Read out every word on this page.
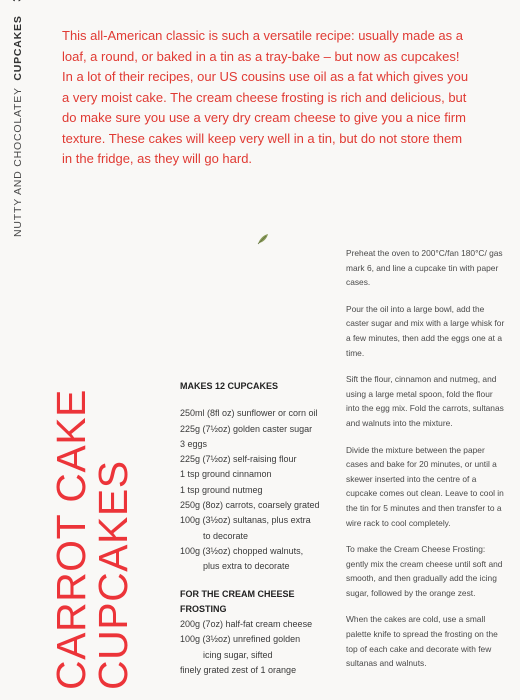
NUTTY AND CHOCOLATEY CUPCAKES	This all-American classic is such a versatile recipe: usually made as a loaf, a round, or baked in a tin as a tray-bake – but now as cupcakes! In a lot of their recipes, our US cousins use oil as a fat which gives you a very moist cake. The cream cheese frosting is rich and delicious, but do make sure you use a very dry cream cheese to give you a nice firm texture. These cakes will keep very well in a tin, but do not store them in the fridge, as they will go hard.
CARROT CAKE
CUPCAKES
MAKES 12 CUPCAKES
250ml (8fl oz) sunflower or corn oil
225g (7½oz) golden caster sugar
3 eggs
225g (7½oz) self-raising flour
1 tsp ground cinnamon
1 tsp ground nutmeg
250g (8oz) carrots, coarsely grated
100g (3½oz) sultanas, plus extra
to decorate
100g (3½oz) chopped walnuts,
plus extra to decorate
FOR THE CREAM CHEESE
FROSTING
200g (7oz) half-fat cream cheese
100g (3½oz) unrefined golden
icing sugar, sifted
finely grated zest of 1 orange

Preheat the oven to 200°C/fan 180°C/ gas mark 6, and line a cupcake tin with paper cases.

Pour the oil into a large bowl, add the caster sugar and mix with a large whisk for a few minutes, then add the eggs one at a time.

Sift the flour, cinnamon and nutmeg, and using a large metal spoon, fold the flour into the egg mix. Fold the carrots, sultanas and walnuts into the mixture.

Divide the mixture between the paper cases and bake for 20 minutes, or until a skewer inserted into the centre of a cupcake comes out clean. Leave to cool in the tin for 5 minutes and then transfer to a wire rack to cool completely.

To make the Cream Cheese Frosting: gently mix the cream cheese until soft and smooth, and then gradually add the icing sugar, followed by the orange zest.

When the cakes are cold, use a small palette knife to spread the frosting on the top of each cake and decorate with few sultanas and walnuts.
